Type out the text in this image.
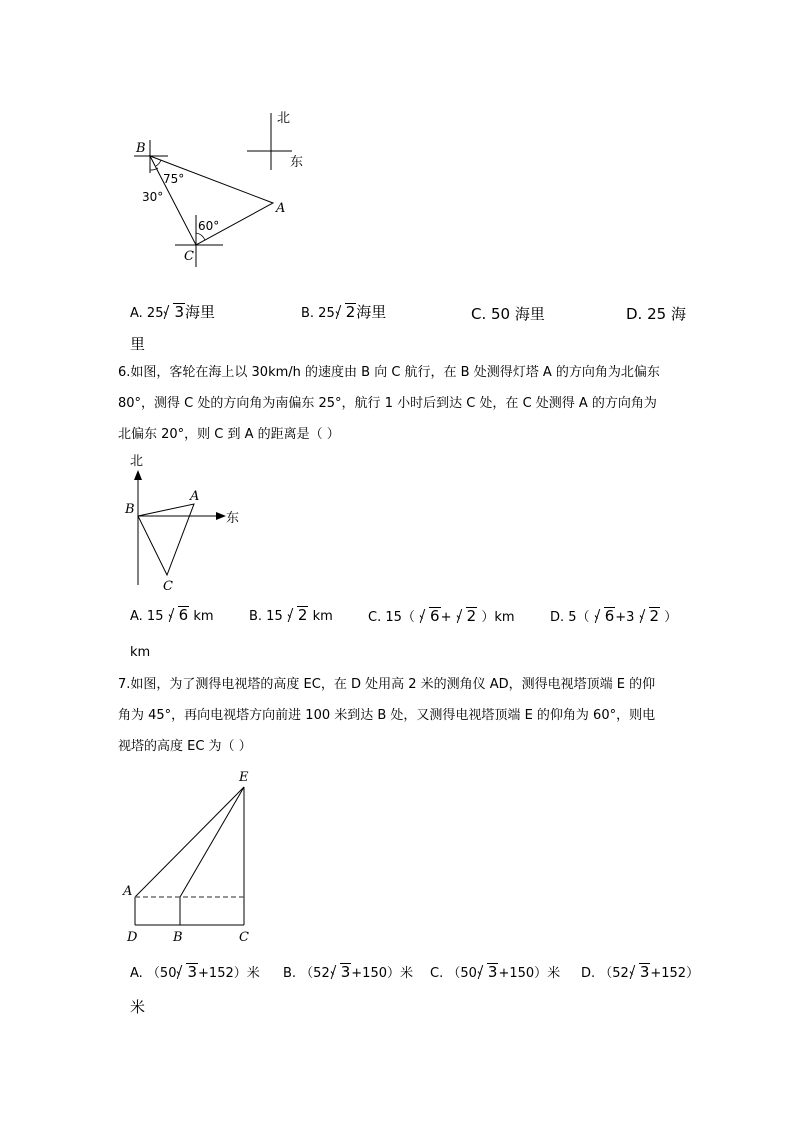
北
东
B
A
C
75°
30°
60°
A. 25 3海里	B. 25 2海里	C. 50 海里	D. 25 海
里
6.如图，客轮在海上以 30km/h 的速度由 B 向 C 航行，在 B 处测得灯塔 A 的方向角为北偏东
80°，测得 C 处的方向角为南偏东 25°，航行 1 小时后到达 C 处，在 C 处测得 A 的方向角为
北偏东 20°，则 C 到 A 的距离是（ ）
北
东
B
A
C
A. 15 6 km	B. 15 2 km	C. 15（ 6+ 2 ）km	D. 5（ 6+3 2 ）
km
7.如图，为了测得电视塔的高度 EC，在 D 处用高 2 米的测角仪 AD，测得电视塔顶端 E 的仰
角为 45°，再向电视塔方向前进 100 米到达 B 处，又测得电视塔顶端 E 的仰角为 60°，则电
视塔的高度 EC 为（ ）
E
A
D	B	C
A. （50 3+152）米 B. （52 3+150）米 C. （50 3+150）米 D. （52 3+152）
米
